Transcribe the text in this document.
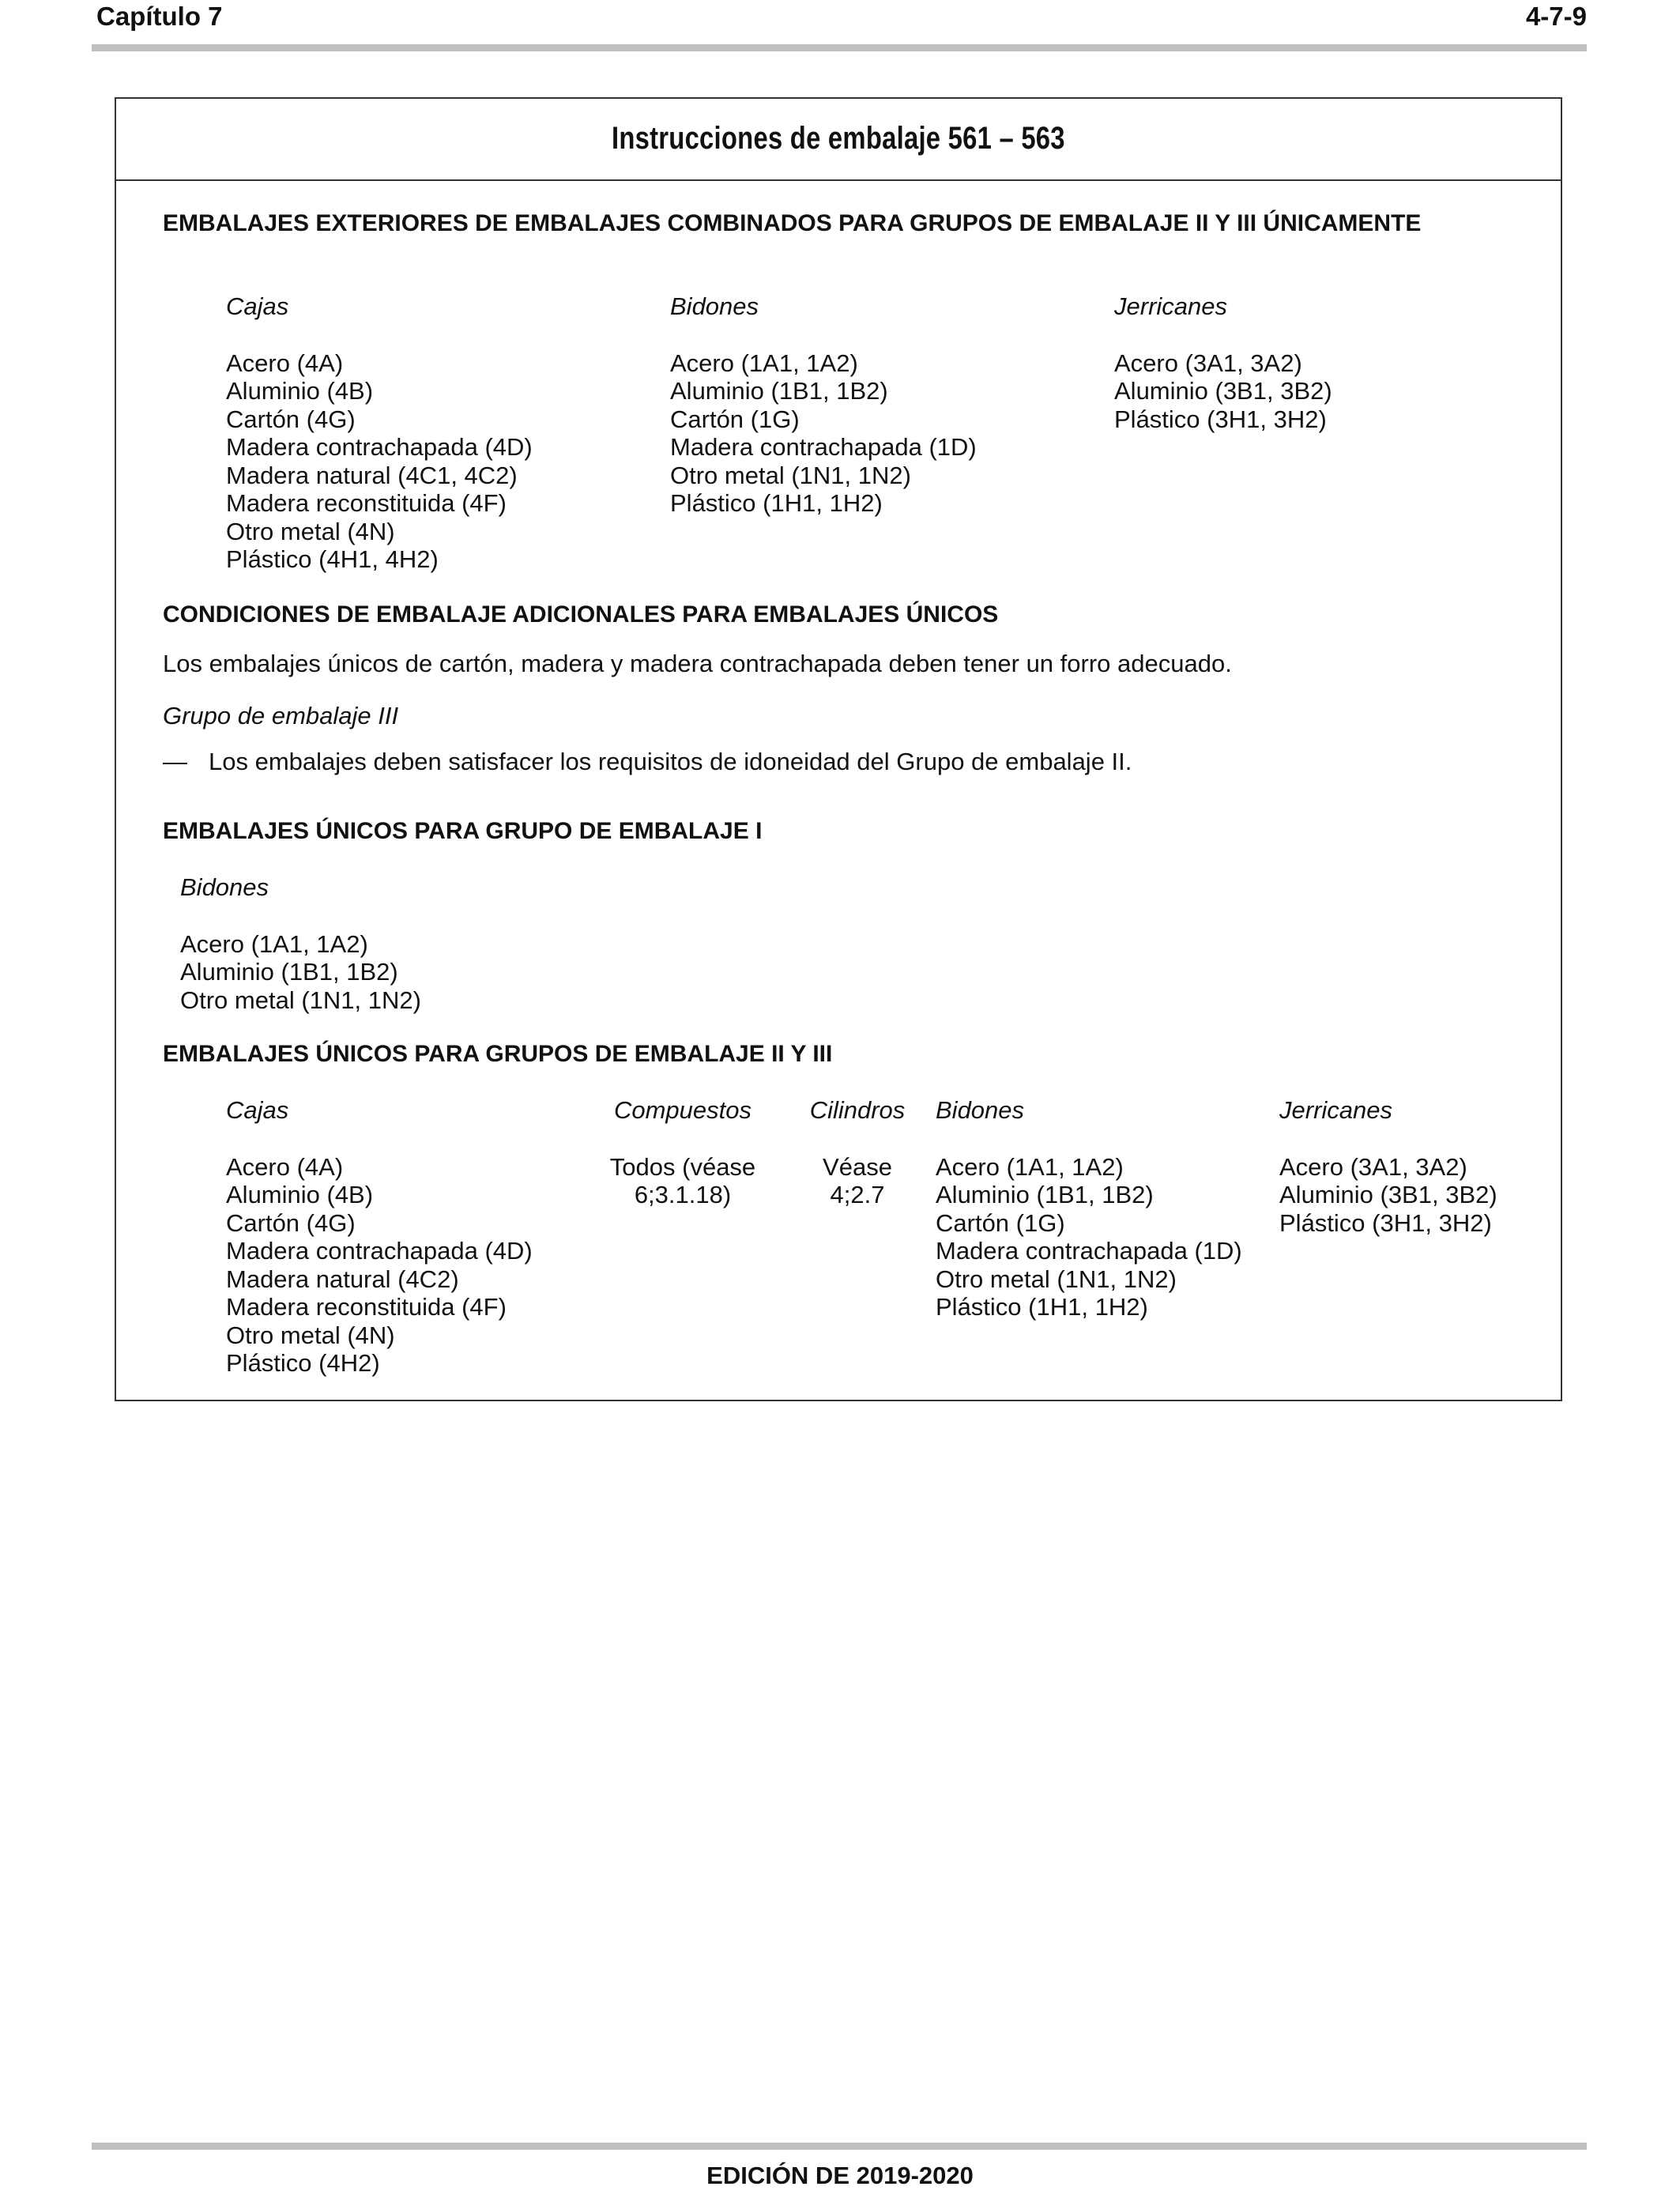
Capítulo 7	4-7-9
Instrucciones de embalaje 561 – 563
EMBALAJES EXTERIORES DE EMBALAJES COMBINADOS PARA GRUPOS DE EMBALAJE II Y III ÚNICAMENTE
Cajas
Acero (4A)
Aluminio (4B)
Cartón (4G)
Madera contrachapada (4D)
Madera natural (4C1, 4C2)
Madera reconstituida (4F)
Otro metal (4N)
Plástico (4H1, 4H2)
Bidones
Acero (1A1, 1A2)
Aluminio (1B1, 1B2)
Cartón (1G)
Madera contrachapada (1D)
Otro metal (1N1, 1N2)
Plástico (1H1, 1H2)
Jerricanes
Acero (3A1, 3A2)
Aluminio (3B1, 3B2)
Plástico (3H1, 3H2)
CONDICIONES DE EMBALAJE ADICIONALES PARA EMBALAJES ÚNICOS
Los embalajes únicos de cartón, madera y madera contrachapada deben tener un forro adecuado.
Grupo de embalaje III
— Los embalajes deben satisfacer los requisitos de idoneidad del Grupo de embalaje II.
EMBALAJES ÚNICOS PARA GRUPO DE EMBALAJE I
Bidones
Acero (1A1, 1A2)
Aluminio (1B1, 1B2)
Otro metal (1N1, 1N2)
EMBALAJES ÚNICOS PARA GRUPOS DE EMBALAJE II Y III
Cajas
Acero (4A)
Aluminio (4B)
Cartón (4G)
Madera contrachapada (4D)
Madera natural (4C2)
Madera reconstituida (4F)
Otro metal (4N)
Plástico (4H2)
Compuestos
Todos (véase
6;3.1.18)
Cilindros
Véase
4;2.7
Bidones
Acero (1A1, 1A2)
Aluminio (1B1, 1B2)
Cartón (1G)
Madera contrachapada (1D)
Otro metal (1N1, 1N2)
Plástico (1H1, 1H2)
Jerricanes
Acero (3A1, 3A2)
Aluminio (3B1, 3B2)
Plástico (3H1, 3H2)
EDICIÓN DE 2019-2020
